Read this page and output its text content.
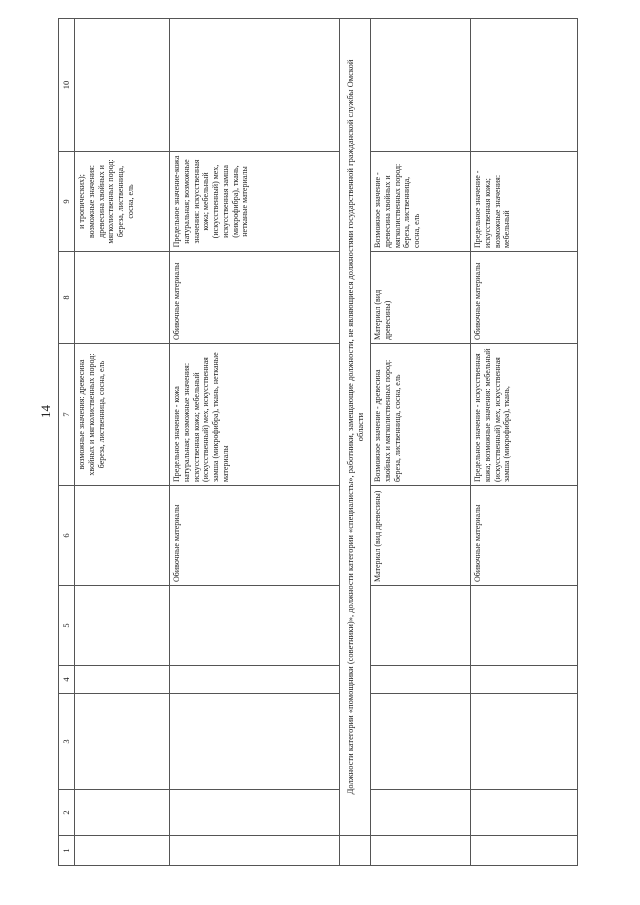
14
1	2	3	4	5	6	7	8	9	10
						возможные значения: древесина хвойных и мягколиственных пород: береза, лиственница, сосна, ель		и тропических); возможные значения: древесина хвойных и мягколиственных пород: береза, лиственница, сосна, ель	
					Обивочные материалы	Предельное значение - кожа натуральная; возможные значения: искусственная кожа; мебельный (искусственный) мех, искусственная замша (микрофибра), ткань, нетканые материалы	Обивочные материалы	Предельное значение-кожа натуральная; возможные значения: искусственная кожа; мебельный (искусственный) мех, искусственная замша (микрофибра), ткань, нетканые материалы	
	Должности категории «помощники (советники)», должности категории «специалисты», работники, замещающие должности, не являющиеся должностями государственной гражданской службы Омской области								
					Материал (вид древесины)	Возможное значение - древесина хвойных и мягколиственных пород: береза, лиственница, сосна, ель	Материал (вид древесины)	Возможное значение - древесина хвойных и мягколиственных пород: береза, лиственница, сосна, ель	
					Обивочные материалы	Предельное значение - искусственная кожа; возможные значения: мебельный (искусственный) мех, искусственная замша (микрофибра), ткань,	Обивочные материалы	Предельное значение - искусственная кожа; возможные значения: мебельный	
